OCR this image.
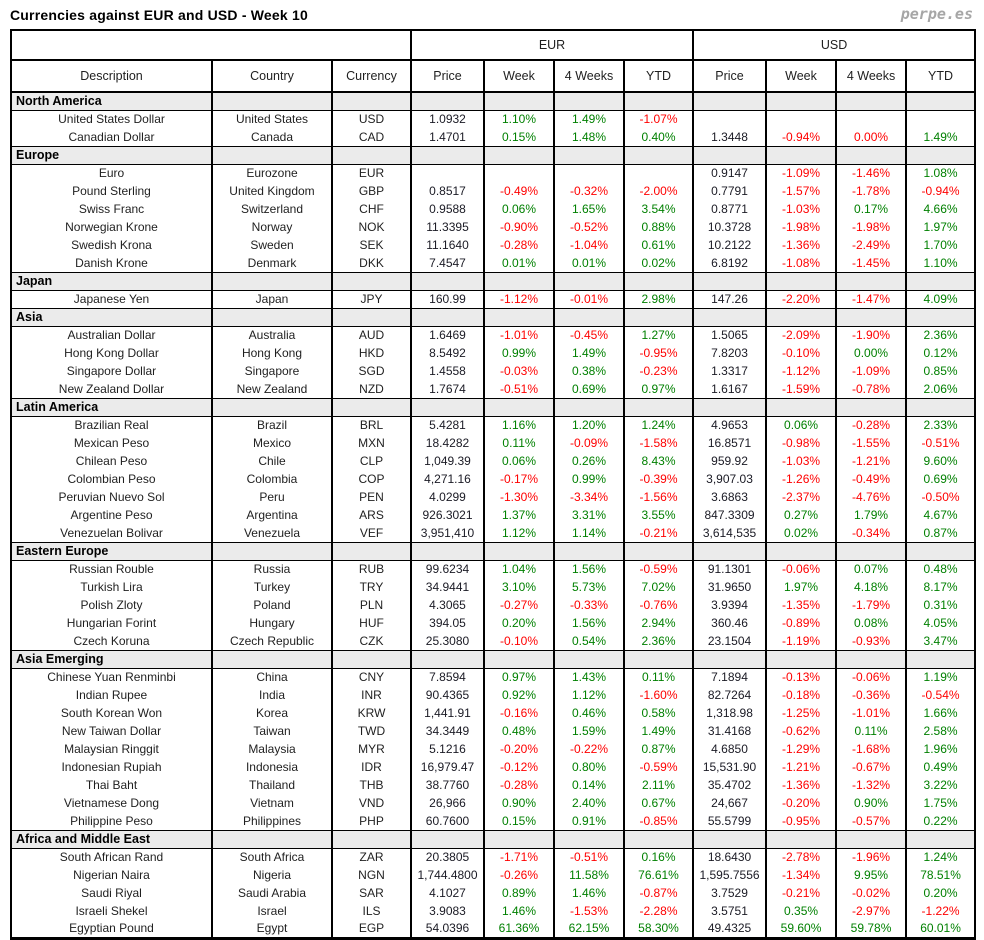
Currencies against EUR and USD - Week 10	perpe.es
			EUR				USD			
Description	Country	Currency	Price	Week	4 Weeks	YTD	Price	Week	4 Weeks	YTD
North America										
United States Dollar	United States	USD	1.0932	1.10%	1.49%	-1.07%				
Canadian Dollar	Canada	CAD	1.4701	0.15%	1.48%	0.40%	1.3448	-0.94%	0.00%	1.49%
Europe										
Euro	Eurozone	EUR					0.9147	-1.09%	-1.46%	1.08%
Pound Sterling	United Kingdom	GBP	0.8517	-0.49%	-0.32%	-2.00%	0.7791	-1.57%	-1.78%	-0.94%
Swiss Franc	Switzerland	CHF	0.9588	0.06%	1.65%	3.54%	0.8771	-1.03%	0.17%	4.66%
Norwegian Krone	Norway	NOK	11.3395	-0.90%	-0.52%	0.88%	10.3728	-1.98%	-1.98%	1.97%
Swedish Krona	Sweden	SEK	11.1640	-0.28%	-1.04%	0.61%	10.2122	-1.36%	-2.49%	1.70%
Danish Krone	Denmark	DKK	7.4547	0.01%	0.01%	0.02%	6.8192	-1.08%	-1.45%	1.10%
Japan										
Japanese Yen	Japan	JPY	160.99	-1.12%	-0.01%	2.98%	147.26	-2.20%	-1.47%	4.09%
Asia										
Australian Dollar	Australia	AUD	1.6469	-1.01%	-0.45%	1.27%	1.5065	-2.09%	-1.90%	2.36%
Hong Kong Dollar	Hong Kong	HKD	8.5492	0.99%	1.49%	-0.95%	7.8203	-0.10%	0.00%	0.12%
Singapore Dollar	Singapore	SGD	1.4558	-0.03%	0.38%	-0.23%	1.3317	-1.12%	-1.09%	0.85%
New Zealand Dollar	New Zealand	NZD	1.7674	-0.51%	0.69%	0.97%	1.6167	-1.59%	-0.78%	2.06%
Latin America										
Brazilian Real	Brazil	BRL	5.4281	1.16%	1.20%	1.24%	4.9653	0.06%	-0.28%	2.33%
Mexican Peso	Mexico	MXN	18.4282	0.11%	-0.09%	-1.58%	16.8571	-0.98%	-1.55%	-0.51%
Chilean Peso	Chile	CLP	1,049.39	0.06%	0.26%	8.43%	959.92	-1.03%	-1.21%	9.60%
Colombian Peso	Colombia	COP	4,271.16	-0.17%	0.99%	-0.39%	3,907.03	-1.26%	-0.49%	0.69%
Peruvian Nuevo Sol	Peru	PEN	4.0299	-1.30%	-3.34%	-1.56%	3.6863	-2.37%	-4.76%	-0.50%
Argentine Peso	Argentina	ARS	926.3021	1.37%	3.31%	3.55%	847.3309	0.27%	1.79%	4.67%
Venezuelan Bolivar	Venezuela	VEF	3,951,410	1.12%	1.14%	-0.21%	3,614,535	0.02%	-0.34%	0.87%
Eastern Europe										
Russian Rouble	Russia	RUB	99.6234	1.04%	1.56%	-0.59%	91.1301	-0.06%	0.07%	0.48%
Turkish Lira	Turkey	TRY	34.9441	3.10%	5.73%	7.02%	31.9650	1.97%	4.18%	8.17%
Polish Zloty	Poland	PLN	4.3065	-0.27%	-0.33%	-0.76%	3.9394	-1.35%	-1.79%	0.31%
Hungarian Forint	Hungary	HUF	394.05	0.20%	1.56%	2.94%	360.46	-0.89%	0.08%	4.05%
Czech Koruna	Czech Republic	CZK	25.3080	-0.10%	0.54%	2.36%	23.1504	-1.19%	-0.93%	3.47%
Asia Emerging										
Chinese Yuan Renminbi	China	CNY	7.8594	0.97%	1.43%	0.11%	7.1894	-0.13%	-0.06%	1.19%
Indian Rupee	India	INR	90.4365	0.92%	1.12%	-1.60%	82.7264	-0.18%	-0.36%	-0.54%
South Korean Won	Korea	KRW	1,441.91	-0.16%	0.46%	0.58%	1,318.98	-1.25%	-1.01%	1.66%
New Taiwan Dollar	Taiwan	TWD	34.3449	0.48%	1.59%	1.49%	31.4168	-0.62%	0.11%	2.58%
Malaysian Ringgit	Malaysia	MYR	5.1216	-0.20%	-0.22%	0.87%	4.6850	-1.29%	-1.68%	1.96%
Indonesian Rupiah	Indonesia	IDR	16,979.47	-0.12%	0.80%	-0.59%	15,531.90	-1.21%	-0.67%	0.49%
Thai Baht	Thailand	THB	38.7760	-0.28%	0.14%	2.11%	35.4702	-1.36%	-1.32%	3.22%
Vietnamese Dong	Vietnam	VND	26,966	0.90%	2.40%	0.67%	24,667	-0.20%	0.90%	1.75%
Philippine Peso	Philippines	PHP	60.7600	0.15%	0.91%	-0.85%	55.5799	-0.95%	-0.57%	0.22%
Africa and Middle East										
South African Rand	South Africa	ZAR	20.3805	-1.71%	-0.51%	0.16%	18.6430	-2.78%	-1.96%	1.24%
Nigerian Naira	Nigeria	NGN	1,744.4800	-0.26%	11.58%	76.61%	1,595.7556	-1.34%	9.95%	78.51%
Saudi Riyal	Saudi Arabia	SAR	4.1027	0.89%	1.46%	-0.87%	3.7529	-0.21%	-0.02%	0.20%
Israeli Shekel	Israel	ILS	3.9083	1.46%	-1.53%	-2.28%	3.5751	0.35%	-2.97%	-1.22%
Egyptian Pound	Egypt	EGP	54.0396	61.36%	62.15%	58.30%	49.4325	59.60%	59.78%	60.01%
